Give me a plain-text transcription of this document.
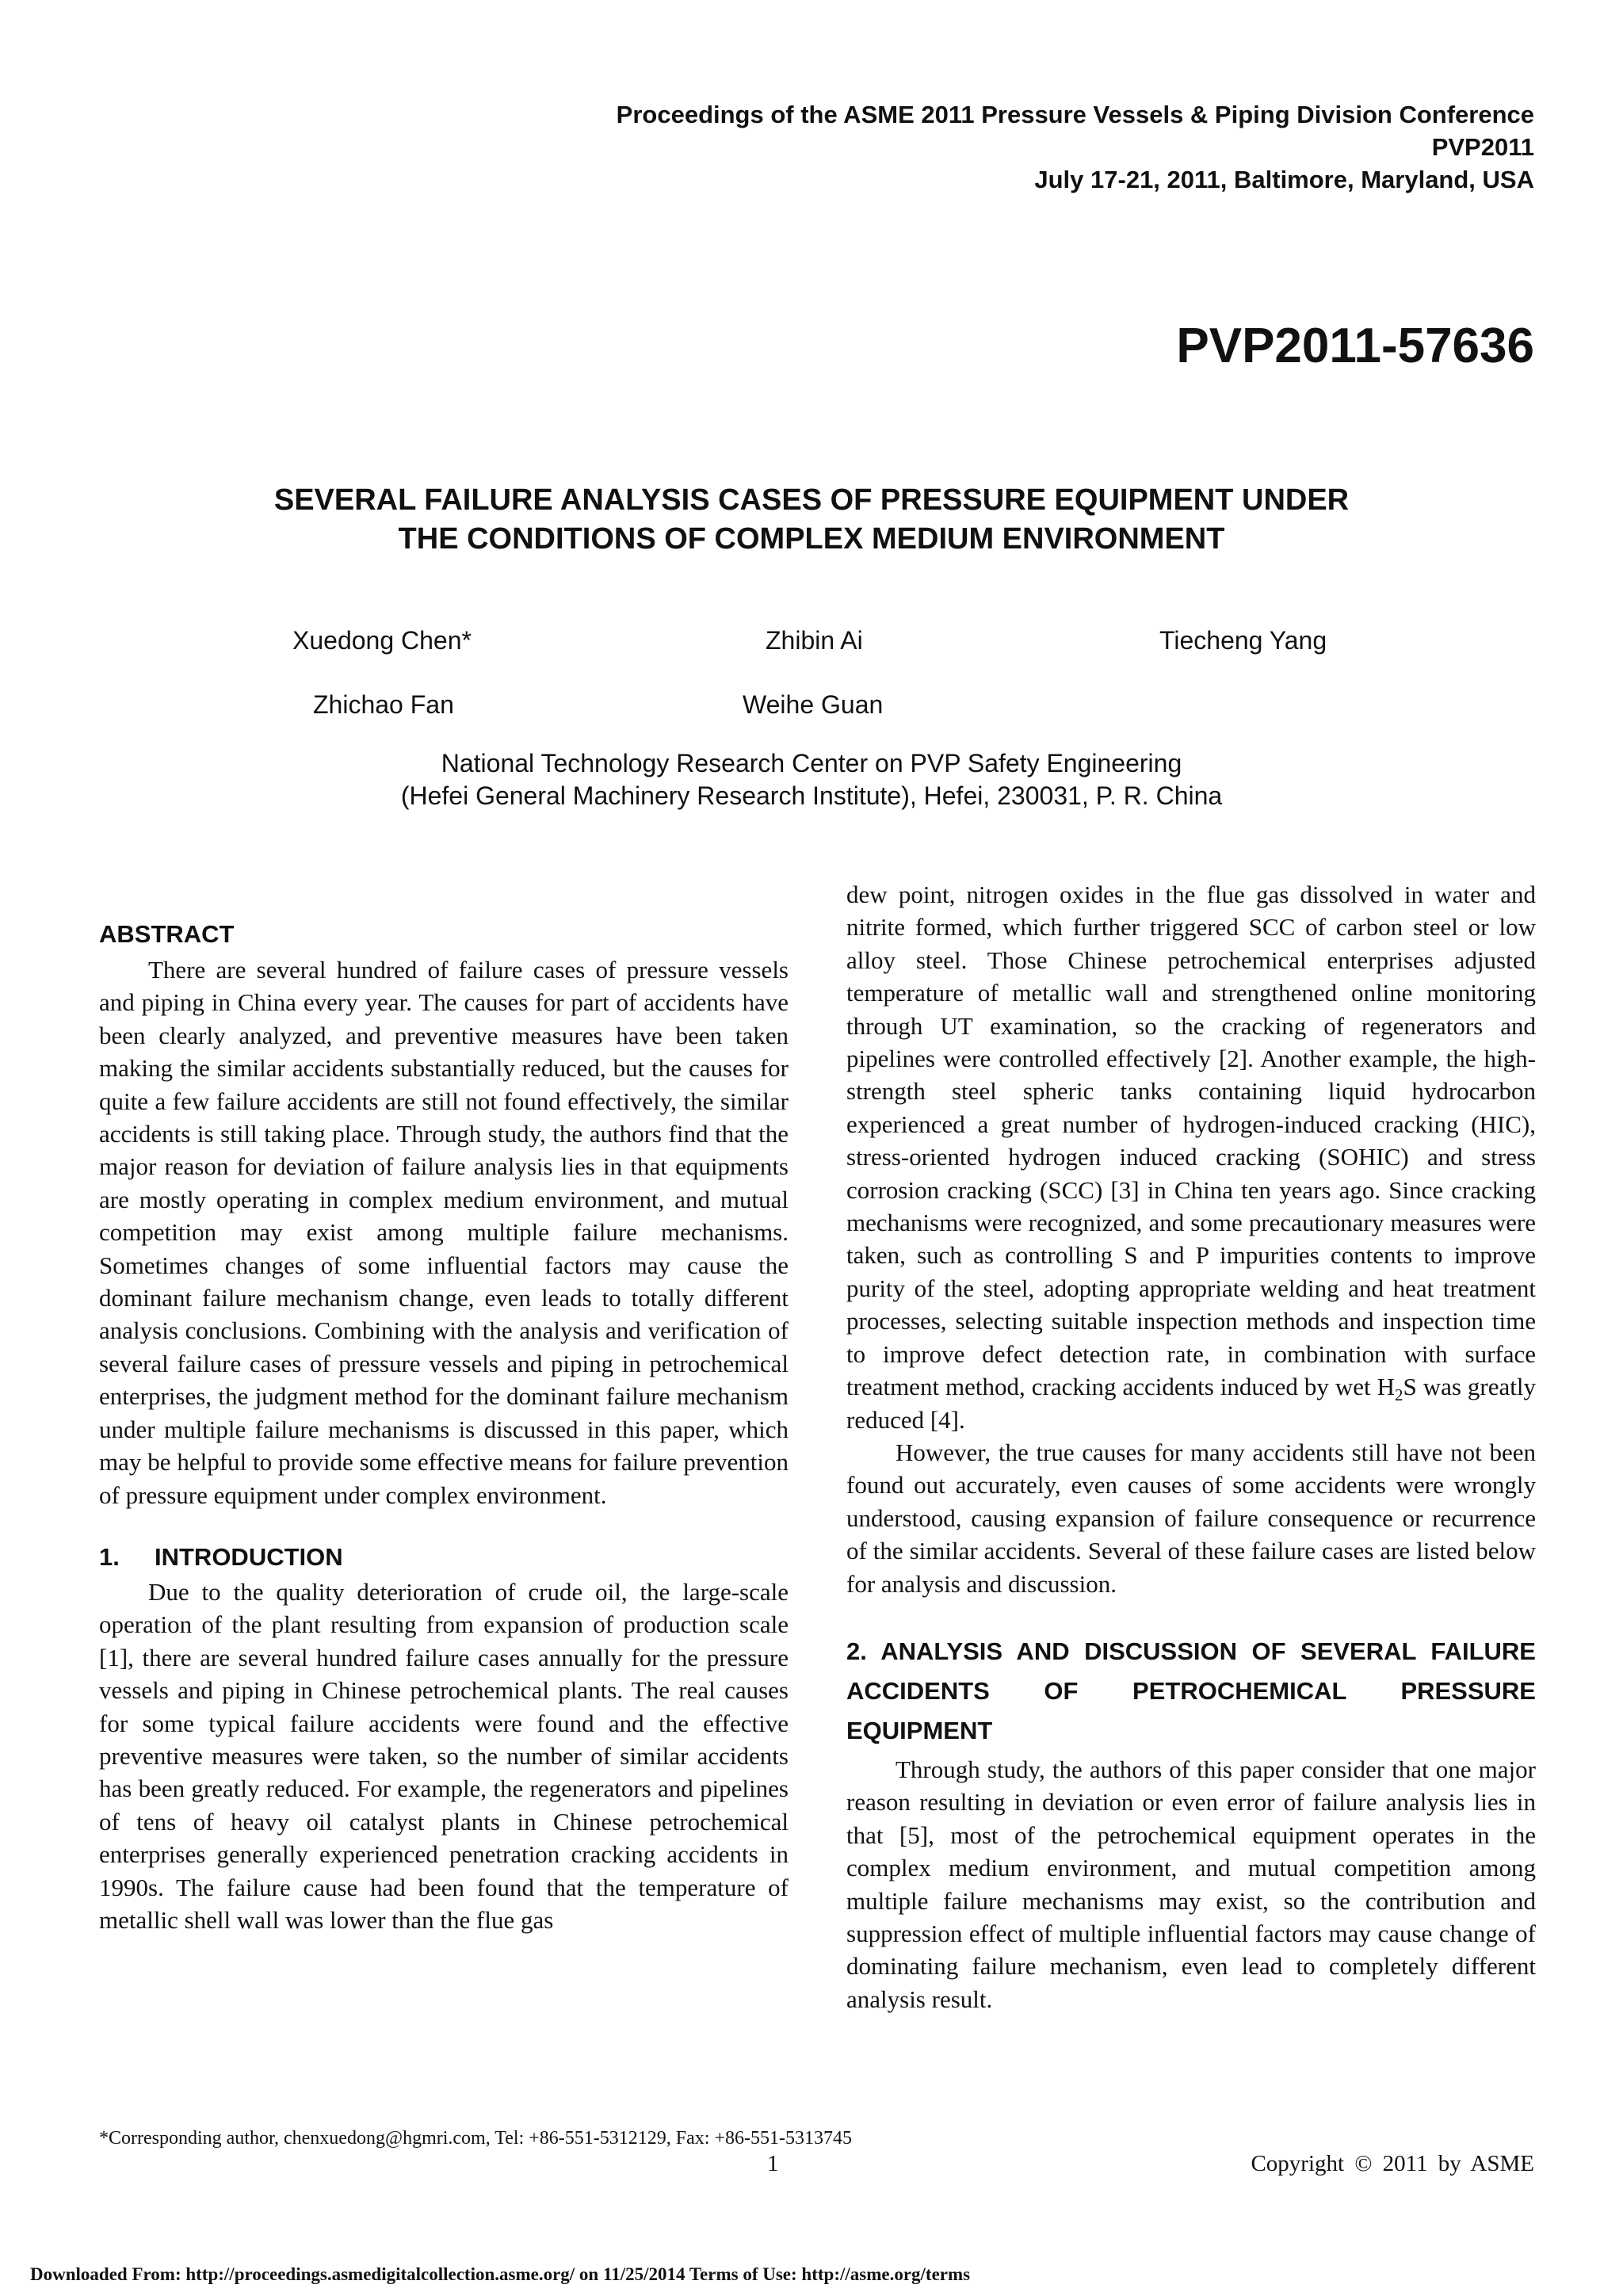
Proceedings of the ASME 2011 Pressure Vessels & Piping Division Conference
PVP2011
July 17-21, 2011, Baltimore, Maryland, USA
PVP2011-57636
SEVERAL FAILURE ANALYSIS CASES OF PRESSURE EQUIPMENT UNDER
THE CONDITIONS OF COMPLEX MEDIUM ENVIRONMENT
Xuedong Chen*	Zhibin Ai	Tiecheng Yang
Zhichao Fan	Weihe Guan
National Technology Research Center on PVP Safety Engineering
(Hefei General Machinery Research Institute), Hefei, 230031, P. R. China
ABSTRACT

There are several hundred of failure cases of pressure vessels and piping in China every year. The causes for part of accidents have been clearly analyzed, and preventive measures have been taken making the similar accidents substantially reduced, but the causes for quite a few failure accidents are still not found effectively, the similar accidents is still taking place. Through study, the authors find that the major reason for deviation of failure analysis lies in that equipments are mostly operating in complex medium environment, and mutual competition may exist among multiple failure mechanisms. Sometimes changes of some influential factors may cause the dominant failure mechanism change, even leads to totally different analysis conclusions. Combining with the analysis and verification of several failure cases of pressure vessels and piping in petrochemical enterprises, the judgment method for the dominant failure mechanism under multiple failure mechanisms is discussed in this paper, which may be helpful to provide some effective means for failure prevention of pressure equipment under complex environment.

1. INTRODUCTION

Due to the quality deterioration of crude oil, the large-scale operation of the plant resulting from expansion of production scale [1], there are several hundred failure cases annually for the pressure vessels and piping in Chinese petrochemical plants. The real causes for some typical failure accidents were found and the effective preventive measures were taken, so the number of similar accidents has been greatly reduced. For example, the regenerators and pipelines of tens of heavy oil catalyst plants in Chinese petrochemical enterprises generally experienced penetration cracking accidents in 1990s. The failure cause had been found that the temperature of metallic shell wall was lower than the flue gas

dew point, nitrogen oxides in the flue gas dissolved in water and nitrite formed, which further triggered SCC of carbon steel or low alloy steel. Those Chinese petrochemical enterprises adjusted temperature of metallic wall and strengthened online monitoring through UT examination, so the cracking of regenerators and pipelines were controlled effectively [2]. Another example, the high-strength steel spheric tanks containing liquid hydrocarbon experienced a great number of hydrogen-induced cracking (HIC), stress-oriented hydrogen induced cracking (SOHIC) and stress corrosion cracking (SCC) [3] in China ten years ago. Since cracking mechanisms were recognized, and some precautionary measures were taken, such as controlling S and P impurities contents to improve purity of the steel, adopting appropriate welding and heat treatment processes, selecting suitable inspection methods and inspection time to improve defect detection rate, in combination with surface treatment method, cracking accidents induced by wet $H_2S$ was greatly reduced [4].

However, the true causes for many accidents still have not been found out accurately, even causes of some accidents were wrongly understood, causing expansion of failure consequence or recurrence of the similar accidents. Several of these failure cases are listed below for analysis and discussion.

2. ANALYSIS AND DISCUSSION OF SEVERAL FAILURE ACCIDENTS OF PETROCHEMICAL PRESSURE EQUIPMENT

Through study, the authors of this paper consider that one major reason resulting in deviation or even error of failure analysis lies in that [5], most of the petrochemical equipment operates in the complex medium environment, and mutual competition among multiple failure mechanisms may exist, so the contribution and suppression effect of multiple influential factors may cause change of dominating failure mechanism, even lead to completely different analysis result.

*Corresponding author, chenxuedong@hgmri.com, Tel: +86-551-5312129, Fax: +86-551-5313745
1	Copyright © 2011 by ASME
Downloaded From: http://proceedings.asmedigitalcollection.asme.org/ on 11/25/2014 Terms of Use: http://asme.org/terms
